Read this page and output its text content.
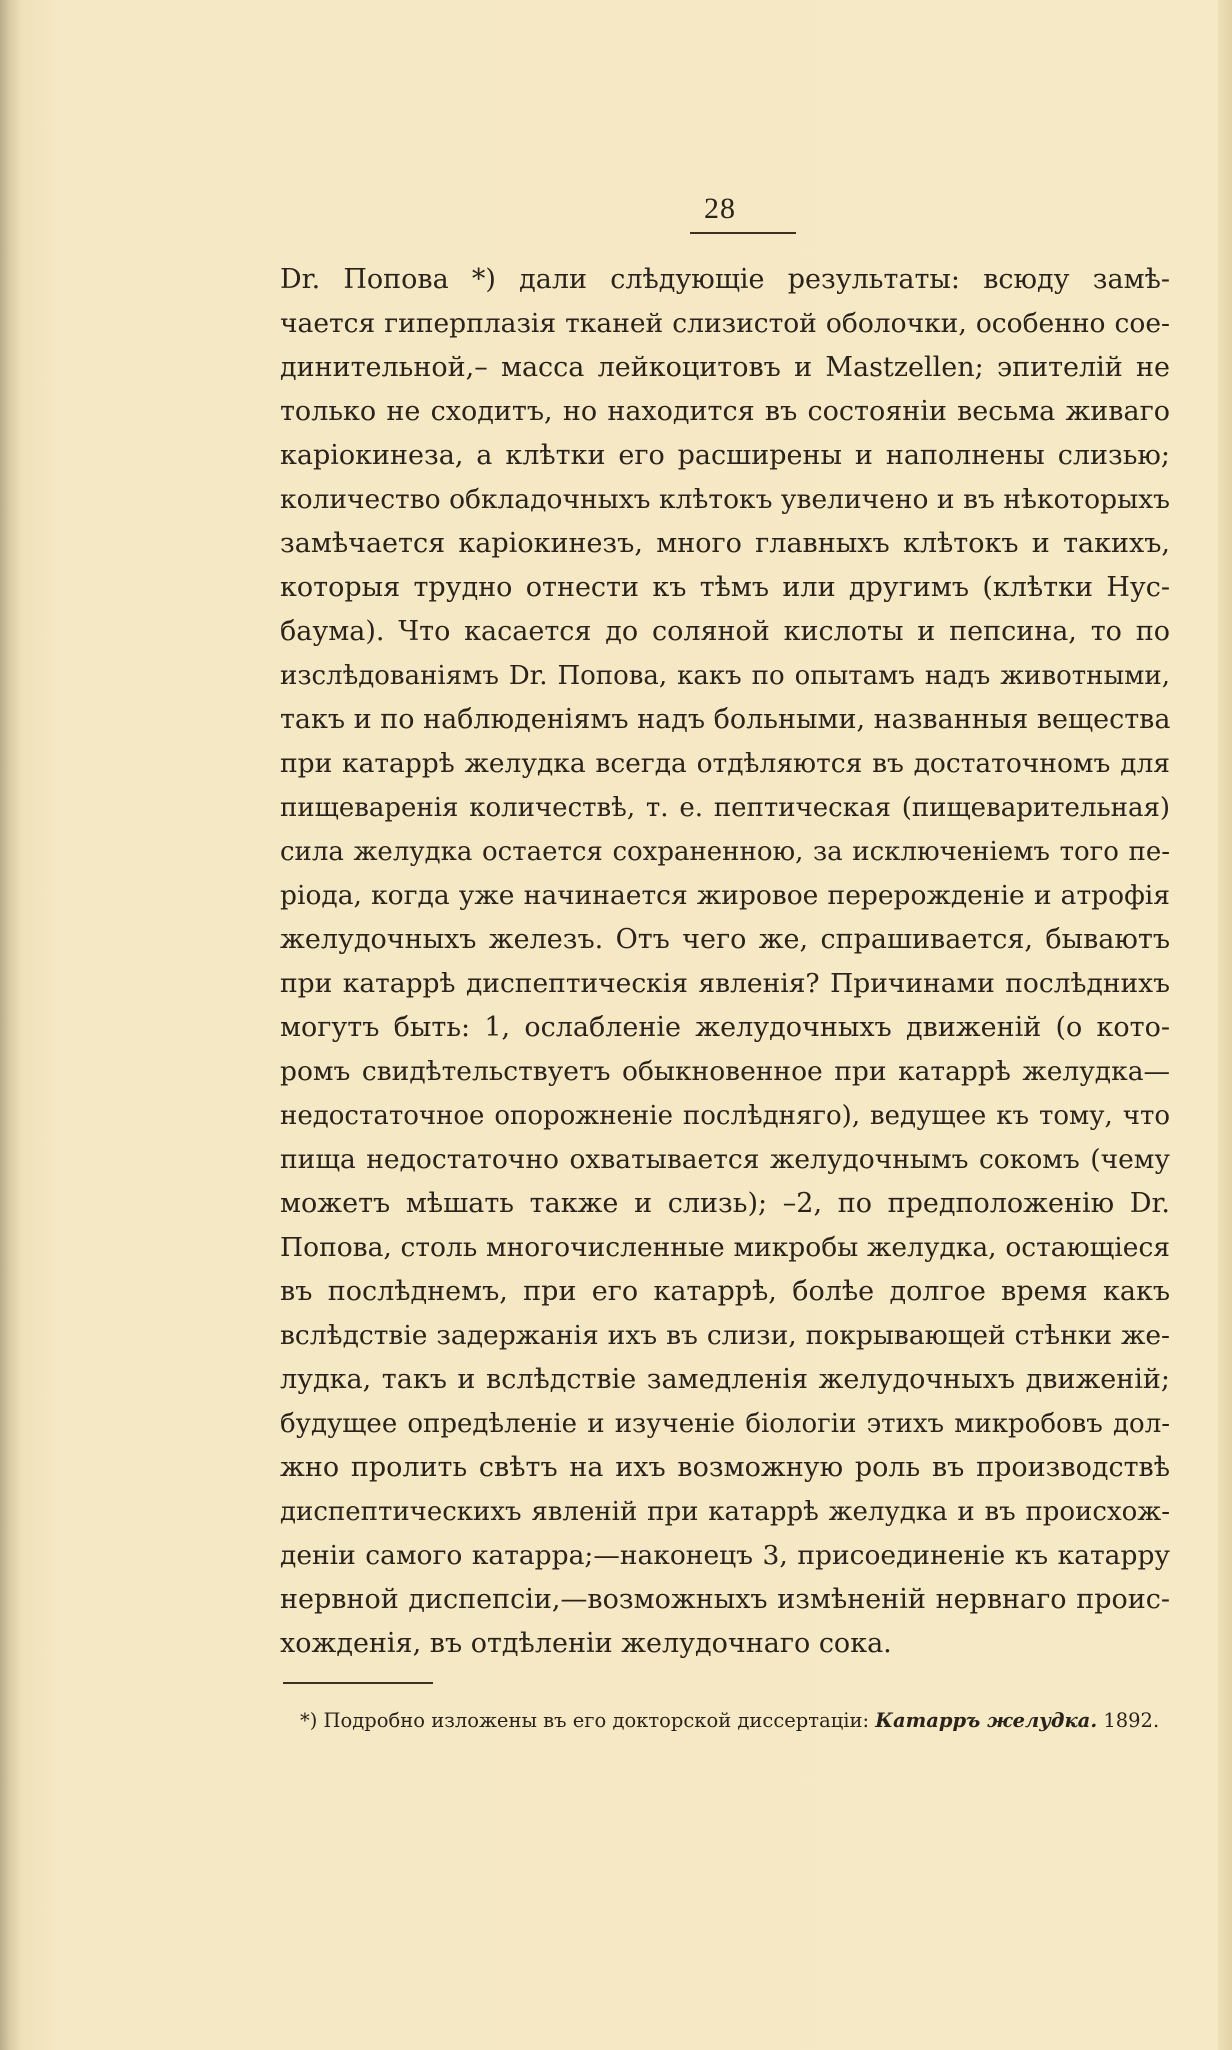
28
Dr. Попова *) дали слѣдующіе результаты: всюду замѣ-
чается гиперплазія тканей слизистой оболочки, особенно сое-
динительной,– масса лейкоцитовъ и Mastzellen; эпителій не
только не сходитъ, но находится въ состояніи весьма живаго
каріокинеза, а клѣтки его расширены и наполнены слизью;
количество обкладочныхъ клѣтокъ увеличено и въ нѣкоторыхъ
замѣчается каріокинезъ, много главныхъ клѣтокъ и такихъ,
которыя трудно отнести къ тѣмъ или другимъ (клѣтки Нус-
баума). Что касается до соляной кислоты и пепсина, то по
изслѣдованіямъ Dr. Попова, какъ по опытамъ надъ животными,
такъ и по наблюденіямъ надъ больными, названныя вещества
при катаррѣ желудка всегда отдѣляются въ достаточномъ для
пищеваренія количествѣ, т. е. пептическая (пищеварительная)
сила желудка остается сохраненною, за исключеніемъ того пе-
ріода, когда уже начинается жировое перерожденіе и атрофія
желудочныхъ железъ. Отъ чего же, спрашивается, бываютъ
при катаррѣ диспептическія явленія? Причинами послѣднихъ
могутъ быть: 1, ослабленіе желудочныхъ движеній (о кото-
ромъ свидѣтельствуетъ обыкновенное при катаррѣ желудка—
недостаточное опорожненіе послѣдняго), ведущее къ тому, что
пища недостаточно охватывается желудочнымъ сокомъ (чему
можетъ мѣшать также и слизь); –2, по предположенію Dr.
Попова, столь многочисленные микробы желудка, остающіеся
въ послѣднемъ, при его катаррѣ, болѣе долгое время какъ
вслѣдствіе задержанія ихъ въ слизи, покрывающей стѣнки же-
лудка, такъ и вслѣдствіе замедленія желудочныхъ движеній;
будущее опредѣленіе и изученіе біологіи этихъ микробовъ дол-
жно пролить свѣтъ на ихъ возможную роль въ производствѣ
диспептическихъ явленій при катаррѣ желудка и въ происхож-
деніи самого катарра;—наконецъ 3, присоединеніе къ катарру
нервной диспепсіи,—возможныхъ измѣненій нервнаго проис-
хожденія, въ отдѣленіи желудочнаго сока.
*) Подробно изложены въ его докторской диссертаціи: Катарръ желудка. 1892.
